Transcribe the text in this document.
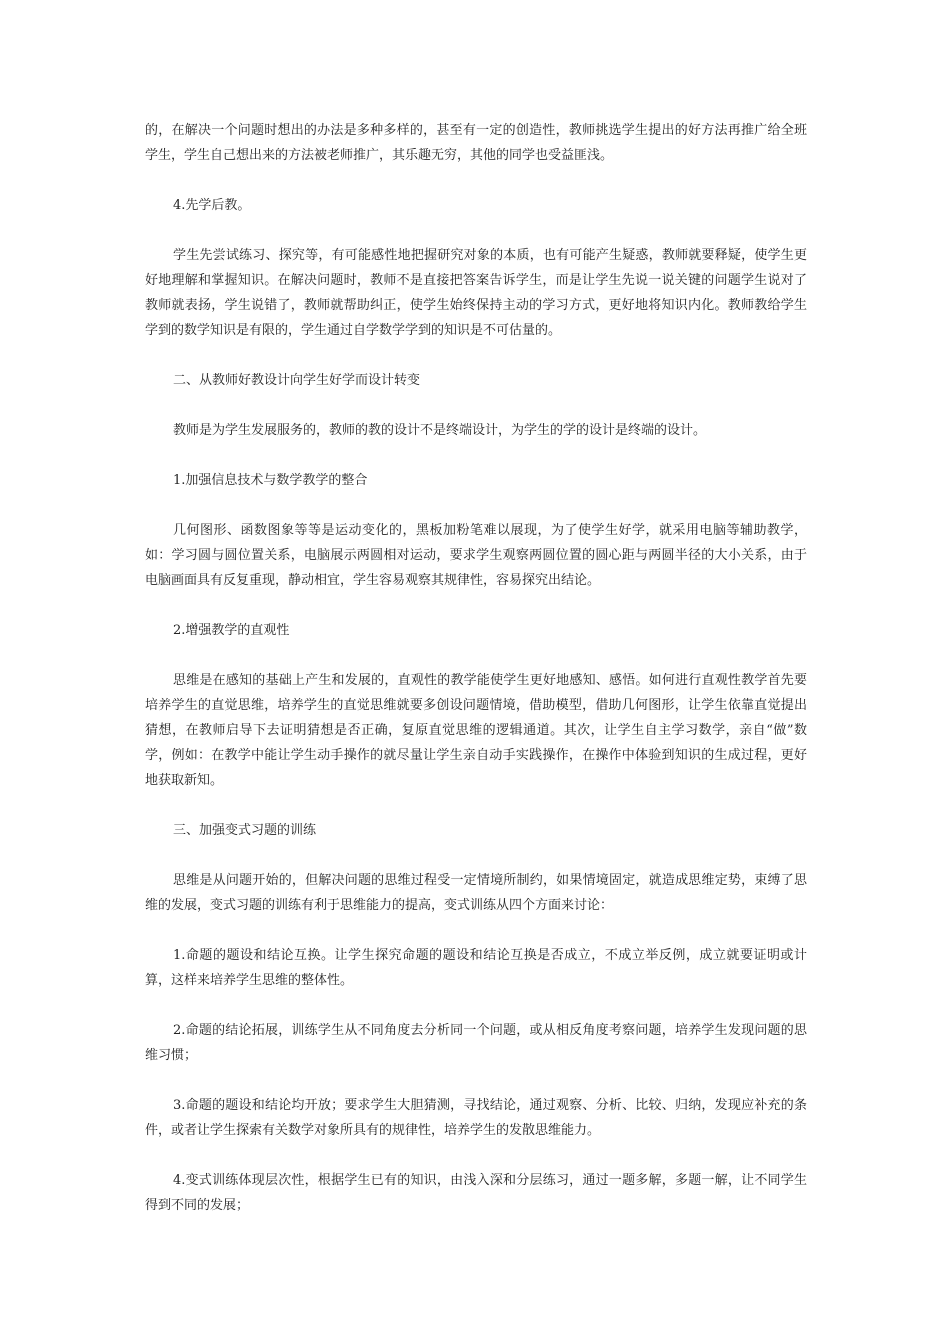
的，在解决一个问题时想出的办法是多种多样的，甚至有一定的创造性，教师挑选学生提出的好方法再推广给全班学生，学生自己想出来的方法被老师推广，其乐趣无穷，其他的同学也受益匪浅。

4.先学后教。

学生先尝试练习、探究等，有可能感性地把握研究对象的本质，也有可能产生疑惑，教师就要释疑，使学生更好地理解和掌握知识。在解决问题时，教师不是直接把答案告诉学生，而是让学生先说一说关键的问题学生说对了教师就表扬，学生说错了，教师就帮助纠正，使学生始终保持主动的学习方式，更好地将知识内化。教师教给学生学到的数学知识是有限的，学生通过自学数学学到的知识是不可估量的。

二、从教师好教设计向学生好学而设计转变

教师是为学生发展服务的，教师的教的设计不是终端设计，为学生的学的设计是终端的设计。

1.加强信息技术与数学教学的整合

几何图形、函数图象等等是运动变化的，黑板加粉笔难以展现，为了使学生好学，就采用电脑等辅助教学，如：学习圆与圆位置关系，电脑展示两圆相对运动，要求学生观察两圆位置的圆心距与两圆半径的大小关系，由于电脑画面具有反复重现，静动相宜，学生容易观察其规律性，容易探究出结论。

2.增强教学的直观性

思维是在感知的基础上产生和发展的，直观性的教学能使学生更好地感知、感悟。如何进行直观性教学首先要培养学生的直觉思维，培养学生的直觉思维就要多创设问题情境，借助模型，借助几何图形，让学生依靠直觉提出猜想，在教师启导下去证明猜想是否正确，复原直觉思维的逻辑通道。其次，让学生自主学习数学，亲自“做”数学，例如：在教学中能让学生动手操作的就尽量让学生亲自动手实践操作，在操作中体验到知识的生成过程，更好地获取新知。

三、加强变式习题的训练

思维是从问题开始的，但解决问题的思维过程受一定情境所制约，如果情境固定，就造成思维定势，束缚了思维的发展，变式习题的训练有利于思维能力的提高，变式训练从四个方面来讨论：

1.命题的题设和结论互换。让学生探究命题的题设和结论互换是否成立，不成立举反例，成立就要证明或计算，这样来培养学生思维的整体性。

2.命题的结论拓展，训练学生从不同角度去分析同一个问题，或从相反角度考察问题，培养学生发现问题的思维习惯；

3.命题的题设和结论均开放；要求学生大胆猜测，寻找结论，通过观察、分析、比较、归纳，发现应补充的条件，或者让学生探索有关数学对象所具有的规律性，培养学生的发散思维能力。

4.变式训练体现层次性，根据学生已有的知识，由浅入深和分层练习，通过一题多解，多题一解，让不同学生得到不同的发展；
